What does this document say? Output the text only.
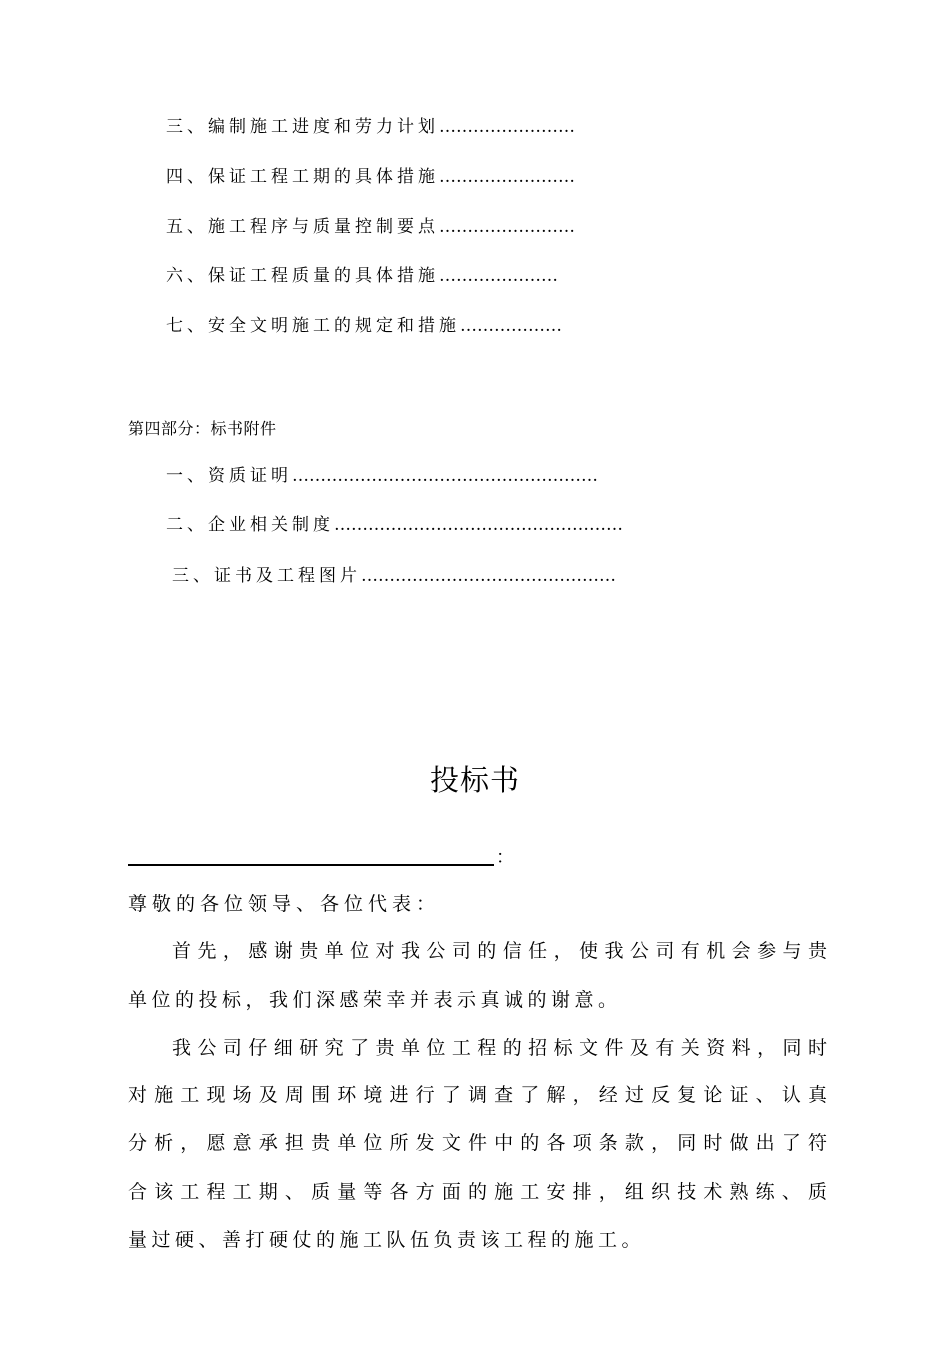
三、编制施工进度和劳力计划……………………
四、保证工程工期的具体措施……………………
五、施工程序与质量控制要点……………………
六、保证工程质量的具体措施…………………
七、安全文明施工的规定和措施………………
第四部分：标书附件
一、资质证明………………………………………………
二、企业相关制度……………………………………………
三、证书及工程图片………………………………………
投标书
：
尊敬的各位领导、各位代表：
首先，感谢贵单位对我公司的信任，使我公司有机会参与贵
单位的投标，我们深感荣幸并表示真诚的谢意。
我公司仔细研究了贵单位工程的招标文件及有关资料，同时
对施工现场及周围环境进行了调查了解，经过反复论证、认真
分析，愿意承担贵单位所发文件中的各项条款，同时做出了符
合该工程工期、质量等各方面的施工安排，组织技术熟练、质
量过硬、善打硬仗的施工队伍负责该工程的施工。
